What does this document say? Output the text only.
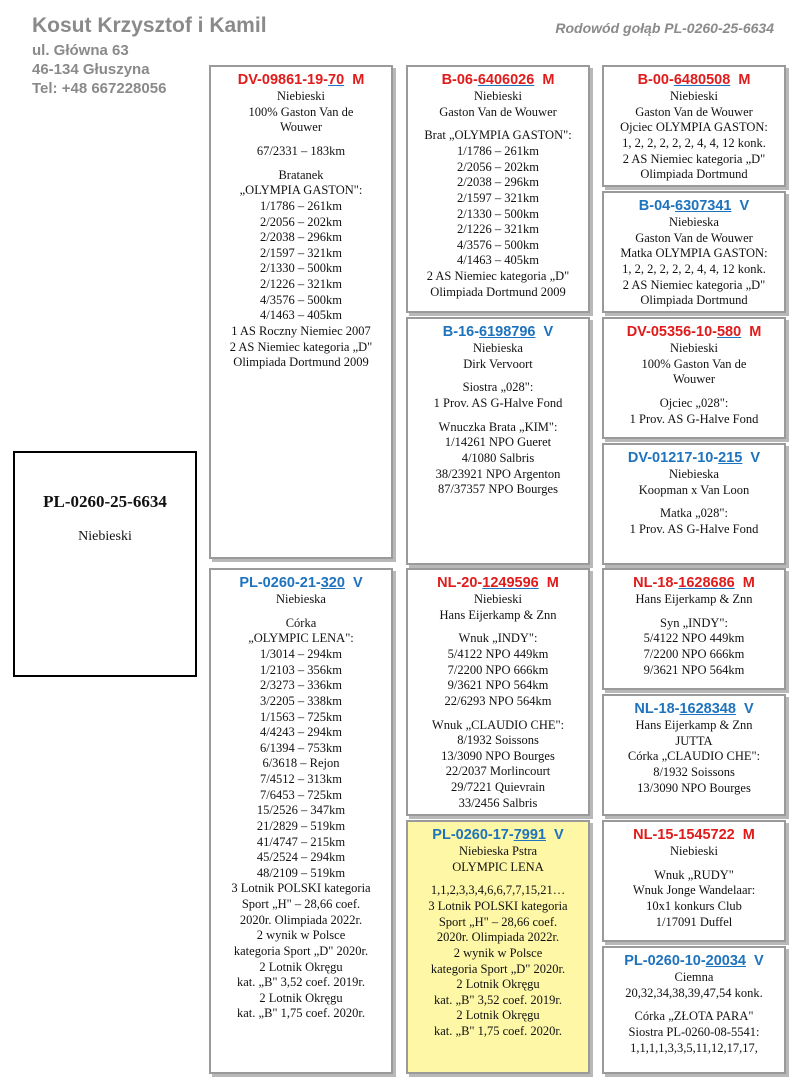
Kosut Krzysztof i Kamil
ul. Główna 63
46-134 Głuszyna
Tel: +48 667228056
Rodowód gołąb PL-0260-25-6634
PL-0260-25-6634
Niebieski
DV-09861-19-70  M
Niebieski
100% Gaston Van de
Wouwer
67/2331 – 183km
Bratanek
„OLYMPIA GASTON":
1/1786 – 261km
2/2056 – 202km
2/2038 – 296km
2/1597 – 321km
2/1330 – 500km
2/1226 – 321km
4/3576 – 500km
4/1463 – 405km
1 AS Roczny Niemiec 2007
2 AS Niemiec kategoria „D"
Olimpiada Dortmund 2009
PL-0260-21-320  V
Niebieska
Córka
„OLYMPIC LENA":
1/3014 – 294km
1/2103 – 356km
2/3273 – 336km
3/2205 – 338km
1/1563 – 725km
4/4243 – 294km
6/1394 – 753km
6/3618 – Rejon
7/4512 – 313km
7/6453 – 725km
15/2526 – 347km
21/2829 – 519km
41/4747 – 215km
45/2524 – 294km
48/2109 – 519km
3 Lotnik POLSKI kategoria
Sport „H" – 28,66 coef.
2020r. Olimpiada 2022r.
2 wynik w Polsce
kategoria Sport „D" 2020r.
2 Lotnik Okręgu
kat. „B" 3,52 coef. 2019r.
2 Lotnik Okręgu
kat. „B" 1,75 coef. 2020r.
B-06-6406026  M
Niebieski
Gaston Van de Wouwer
Brat „OLYMPIA GASTON":
1/1786 – 261km
2/2056 – 202km
2/2038 – 296km
2/1597 – 321km
2/1330 – 500km
2/1226 – 321km
4/3576 – 500km
4/1463 – 405km
2 AS Niemiec kategoria „D"
Olimpiada Dortmund 2009
B-16-6198796  V
Niebieska
Dirk Vervoort
Siostra „028":
1 Prov. AS G-Halve Fond
Wnuczka Brata „KIM":
1/14261 NPO Gueret
4/1080 Salbris
38/23921 NPO Argenton
87/37357 NPO Bourges
NL-20-1249596  M
Niebieski
Hans Eijerkamp & Znn
Wnuk „INDY":
5/4122 NPO 449km
7/2200 NPO 666km
9/3621 NPO 564km
22/6293 NPO 564km
Wnuk „CLAUDIO CHE":
8/1932 Soissons
13/3090 NPO Bourges
22/2037 Morlincourt
29/7221 Quievrain
33/2456 Salbris
PL-0260-17-7991  V
Niebieska Pstra
OLYMPIC LENA
1,1,2,3,3,4,6,6,7,7,15,21…
3 Lotnik POLSKI kategoria
Sport „H" – 28,66 coef.
2020r. Olimpiada 2022r.
2 wynik w Polsce
kategoria Sport „D" 2020r.
2 Lotnik Okręgu
kat. „B" 3,52 coef. 2019r.
2 Lotnik Okręgu
kat. „B" 1,75 coef. 2020r.
B-00-6480508  M
Niebieski
Gaston Van de Wouwer
Ojciec OLYMPIA GASTON:
1, 2, 2, 2, 2, 2, 4, 4, 12 konk.
2 AS Niemiec kategoria „D"
Olimpiada Dortmund
B-04-6307341  V
Niebieska
Gaston Van de Wouwer
Matka OLYMPIA GASTON:
1, 2, 2, 2, 2, 2, 4, 4, 12 konk.
2 AS Niemiec kategoria „D"
Olimpiada Dortmund
DV-05356-10-580  M
Niebieski
100% Gaston Van de
Wouwer
Ojciec „028":
1 Prov. AS G-Halve Fond
DV-01217-10-215  V
Niebieska
Koopman x Van Loon
Matka „028":
1 Prov. AS G-Halve Fond
NL-18-1628686  M
Hans Eijerkamp & Znn
Syn „INDY":
5/4122 NPO 449km
7/2200 NPO 666km
9/3621 NPO 564km
NL-18-1628348  V
Hans Eijerkamp & Znn
JUTTA
Córka „CLAUDIO CHE":
8/1932 Soissons
13/3090 NPO Bourges
NL-15-1545722  M
Niebieski
Wnuk „RUDY"
Wnuk Jonge Wandelaar:
10x1 konkurs Club
1/17091 Duffel
PL-0260-10-20034  V
Ciemna
20,32,34,38,39,47,54 konk.
Córka „ZŁOTA PARA"
Siostra PL-0260-08-5541:
1,1,1,1,3,3,5,11,12,17,17,
